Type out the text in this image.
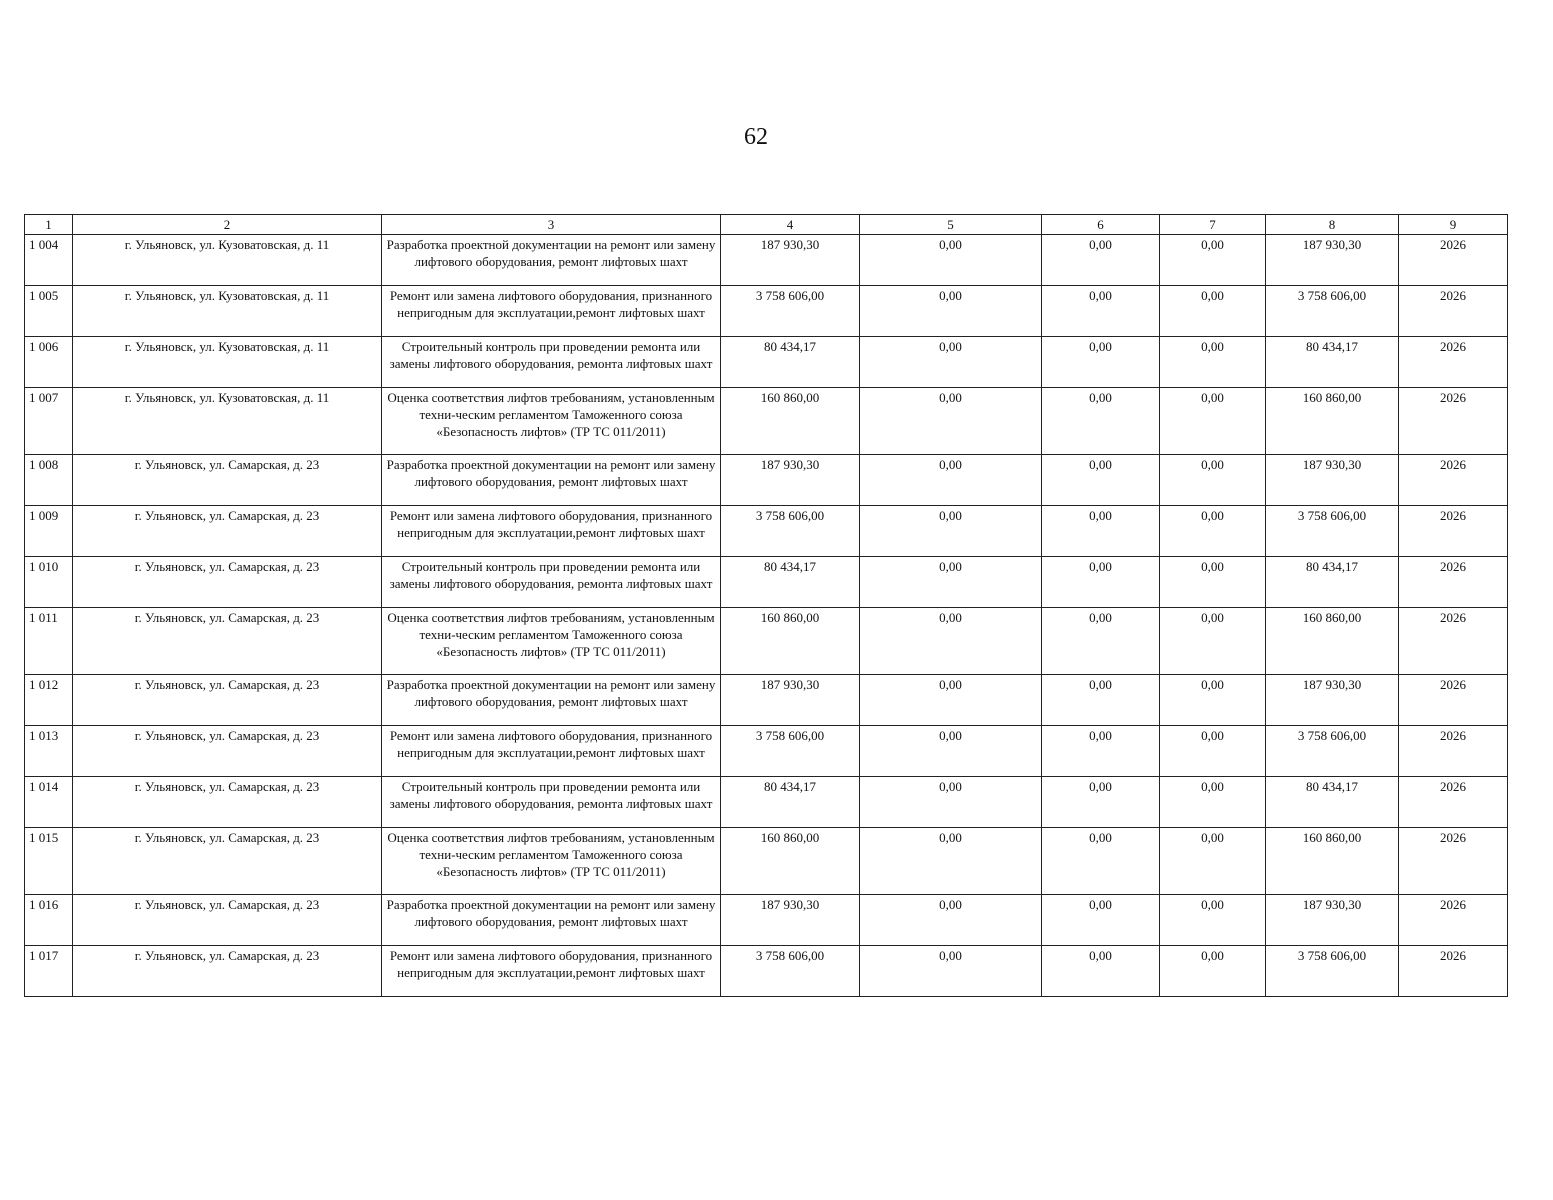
62
1	2	3	4	5	6	7	8	9
1 004	г. Ульяновск, ул. Кузоватовская, д. 11	Разработка проектной документации на ремонт или замену лифтового оборудования, ремонт лифтовых шахт	187 930,30	0,00	0,00	0,00	187 930,30	2026
1 005	г. Ульяновск, ул. Кузоватовская, д. 11	Ремонт или замена лифтового оборудования, признанного непригодным для эксплуатации,ремонт лифтовых шахт	3 758 606,00	0,00	0,00	0,00	3 758 606,00	2026
1 006	г. Ульяновск, ул. Кузоватовская, д. 11	Строительный контроль при проведении ремонта или замены лифтового оборудования, ремонта лифтовых шахт	80 434,17	0,00	0,00	0,00	80 434,17	2026
1 007	г. Ульяновск, ул. Кузоватовская, д. 11	Оценка соответствия лифтов требованиям, установленным техни-ческим регламентом Таможенного союза «Безопасность лифтов» (ТР ТС 011/2011)	160 860,00	0,00	0,00	0,00	160 860,00	2026
1 008	г. Ульяновск, ул. Самарская, д. 23	Разработка проектной документации на ремонт или замену лифтового оборудования, ремонт лифтовых шахт	187 930,30	0,00	0,00	0,00	187 930,30	2026
1 009	г. Ульяновск, ул. Самарская, д. 23	Ремонт или замена лифтового оборудования, признанного непригодным для эксплуатации,ремонт лифтовых шахт	3 758 606,00	0,00	0,00	0,00	3 758 606,00	2026
1 010	г. Ульяновск, ул. Самарская, д. 23	Строительный контроль при проведении ремонта или замены лифтового оборудования, ремонта лифтовых шахт	80 434,17	0,00	0,00	0,00	80 434,17	2026
1 011	г. Ульяновск, ул. Самарская, д. 23	Оценка соответствия лифтов требованиям, установленным техни-ческим регламентом Таможенного союза «Безопасность лифтов» (ТР ТС 011/2011)	160 860,00	0,00	0,00	0,00	160 860,00	2026
1 012	г. Ульяновск, ул. Самарская, д. 23	Разработка проектной документации на ремонт или замену лифтового оборудования, ремонт лифтовых шахт	187 930,30	0,00	0,00	0,00	187 930,30	2026
1 013	г. Ульяновск, ул. Самарская, д. 23	Ремонт или замена лифтового оборудования, признанного непригодным для эксплуатации,ремонт лифтовых шахт	3 758 606,00	0,00	0,00	0,00	3 758 606,00	2026
1 014	г. Ульяновск, ул. Самарская, д. 23	Строительный контроль при проведении ремонта или замены лифтового оборудования, ремонта лифтовых шахт	80 434,17	0,00	0,00	0,00	80 434,17	2026
1 015	г. Ульяновск, ул. Самарская, д. 23	Оценка соответствия лифтов требованиям, установленным техни-ческим регламентом Таможенного союза «Безопасность лифтов» (ТР ТС 011/2011)	160 860,00	0,00	0,00	0,00	160 860,00	2026
1 016	г. Ульяновск, ул. Самарская, д. 23	Разработка проектной документации на ремонт или замену лифтового оборудования, ремонт лифтовых шахт	187 930,30	0,00	0,00	0,00	187 930,30	2026
1 017	г. Ульяновск, ул. Самарская, д. 23	Ремонт или замена лифтового оборудования, признанного непригодным для эксплуатации,ремонт лифтовых шахт	3 758 606,00	0,00	0,00	0,00	3 758 606,00	2026
